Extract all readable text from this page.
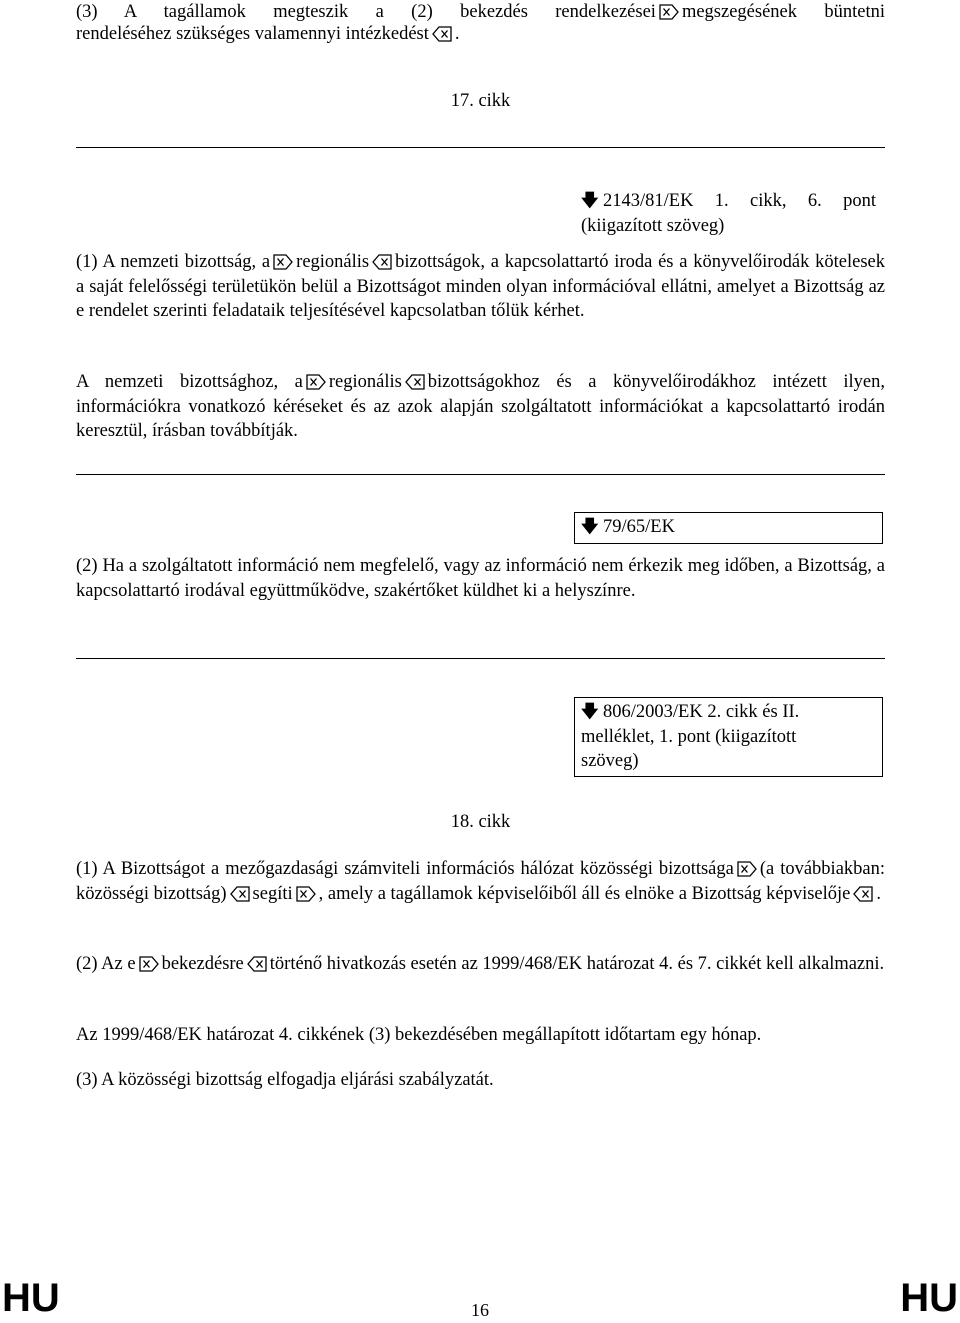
(3) A tagállamok megteszik a (2) bekezdés rendelkezései megszegésének büntetni

rendeléséhez szükséges valamennyi intézkedést .

17. cikk

🡇 2143/81/EK 1. cikk, 6. pont
(kiigazított szöveg)

(1) A nemzeti bizottság, a regionális bizottságok, a kapcsolattartó iroda és a könyvelőirodák kötelesek a saját felelősségi területükön belül a Bizottságot minden olyan információval ellátni, amelyet a Bizottság az e rendelet szerinti feladataik teljesítésével kapcsolatban tőlük kérhet.

A nemzeti bizottsághoz, a regionális bizottságokhoz és a könyvelőirodákhoz intézett ilyen, információkra vonatkozó kéréseket és az azok alapján szolgáltatott információkat a kapcsolattartó irodán keresztül, írásban továbbítják.

🡇 79/65/EK

(2) Ha a szolgáltatott információ nem megfelelő, vagy az információ nem érkezik meg időben, a Bizottság, a kapcsolattartó irodával együttműködve, szakértőket küldhet ki a helyszínre.

🡇 806/2003/EK 2. cikk és II.
melléklet, 1. pont (kiigazított
szöveg)

18. cikk

(1) A Bizottságot a mezőgazdasági számviteli információs hálózat közösségi bizottsága (a továbbiakban: közösségi bizottság) segíti , amely a tagállamok képviselőiből áll és elnöke a Bizottság képviselője .

(2) Az e bekezdésre történő hivatkozás esetén az 1999/468/EK határozat 4. és 7. cikkét kell alkalmazni.

Az 1999/468/EK határozat 4. cikkének (3) bekezdésében megállapított időtartam egy hónap.

(3) A közösségi bizottság elfogadja eljárási szabályzatát.

HU	16	HU
